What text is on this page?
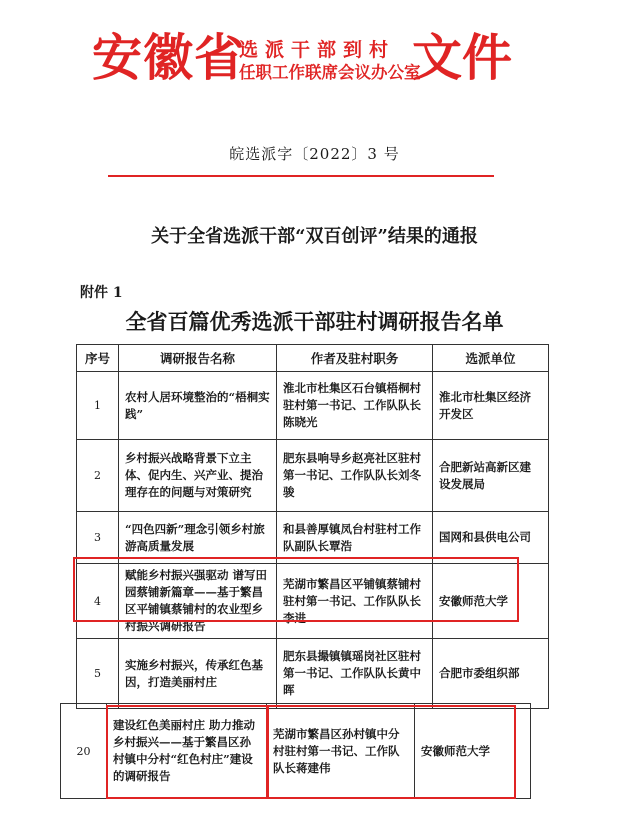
安徽省
选派干部到村
任职工作联席会议办公室
文件
皖选派字〔2022〕3 号
关于全省选派干部“双百创评”结果的通报
附件 1
全省百篇优秀选派干部驻村调研报告名单
序号	调研报告名称	作者及驻村职务	选派单位
1	农村人居环境整治的“梧桐实践”	淮北市杜集区石台镇梧桐村驻村第一书记、工作队队长陈晓光	淮北市杜集区经济开发区
2	乡村振兴战略背景下立主体、促内生、兴产业、提治理存在的问题与对策研究	肥东县响导乡赵亮社区驻村第一书记、工作队队长刘冬骏	合肥新站高新区建设发展局
3	“四色四新”理念引领乡村旅游高质量发展	和县善厚镇凤台村驻村工作队副队长覃浩	国网和县供电公司
4	赋能乡村振兴强驱动 谱写田园蔡铺新篇章——基于繁昌区平铺镇蔡铺村的农业型乡村振兴调研报告	芜湖市繁昌区平铺镇蔡铺村驻村第一书记、工作队队长李进	安徽师范大学
5	实施乡村振兴，传承红色基因，打造美丽村庄	肥东县撮镇镇瑶岗社区驻村第一书记、工作队队长黄中晖	合肥市委组织部
20	建设红色美丽村庄 助力推动乡村振兴——基于繁昌区孙村镇中分村“红色村庄”建设的调研报告	芜湖市繁昌区孙村镇中分村驻村第一书记、工作队队长蒋建伟	安徽师范大学
